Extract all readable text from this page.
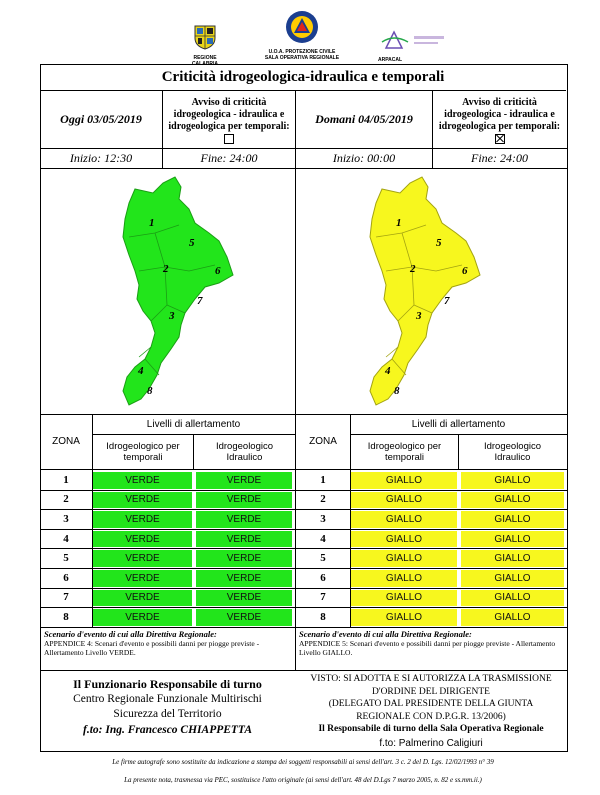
REGIONE CALABRIA
U.O.A. PROTEZIONE CIVILE
SALA OPERATIVA REGIONALE	ARPACAL
Criticità idrogeologica-idraulica e temporali
Oggi 03/05/2019
Avviso di criticità idrogeologica - idraulica e idrogeologica per temporali:
Inizio: 12:30	Fine: 24:00
Domani 04/05/2019
Avviso di criticità idrogeologica - idraulica e idrogeologica per temporali:
Inizio: 00:00	Fine: 24:00
1
2
3
4
5
6
7
8
1
2
3
4
5
6
7
8
ZONA
Livelli di allertamento
Idrogeologico per temporali
Idrogeologico Idraulico
ZONA
Livelli di allertamento
Idrogeologico per temporali
Idrogeologico Idraulico
1	VERDE	VERDE
2	VERDE	VERDE
3	VERDE	VERDE
4	VERDE	VERDE
5	VERDE	VERDE
6	VERDE	VERDE
7	VERDE	VERDE
8	VERDE	VERDE
1	GIALLO	GIALLO
2	GIALLO	GIALLO
3	GIALLO	GIALLO
4	GIALLO	GIALLO
5	GIALLO	GIALLO
6	GIALLO	GIALLO
7	GIALLO	GIALLO
8	GIALLO	GIALLO
Scenario d'evento di cui alla Direttiva Regionale:
APPENDICE 4: Scenari d'evento e possibili danni per piogge previste - Allertamento Livello VERDE.
Scenario d'evento di cui alla Direttiva Regionale:
APPENDICE 5: Scenari d'evento e possibili danni per piogge previste - Allertamento Livello GIALLO.
Il Funzionario Responsabile di turno
Centro Regionale Funzionale Multirischi
Sicurezza del Territorio
f.to: Ing. Francesco CHIAPPETTA
VISTO: SI ADOTTA E SI AUTORIZZA LA TRASMISSIONE
D'ORDINE DEL DIRIGENTE
(DELEGATO DAL PRESIDENTE DELLA GIUNTA
REGIONALE CON D.P.G.R. 13/2006)
Il Responsabile di turno della Sala Operativa Regionale
f.to: Palmerino Caligiuri
Le firme autografe sono sostituite da indicazione a stampa dei soggetti responsabili ai sensi dell'art. 3 c. 2 del D. Lgs. 12/02/1993 n° 39
La presente nota, trasmessa via PEC, sostituisce l'atto originale (ai sensi dell'art. 48 del D.Lgs 7 marzo 2005, n. 82 e ss.mm.ii.)
